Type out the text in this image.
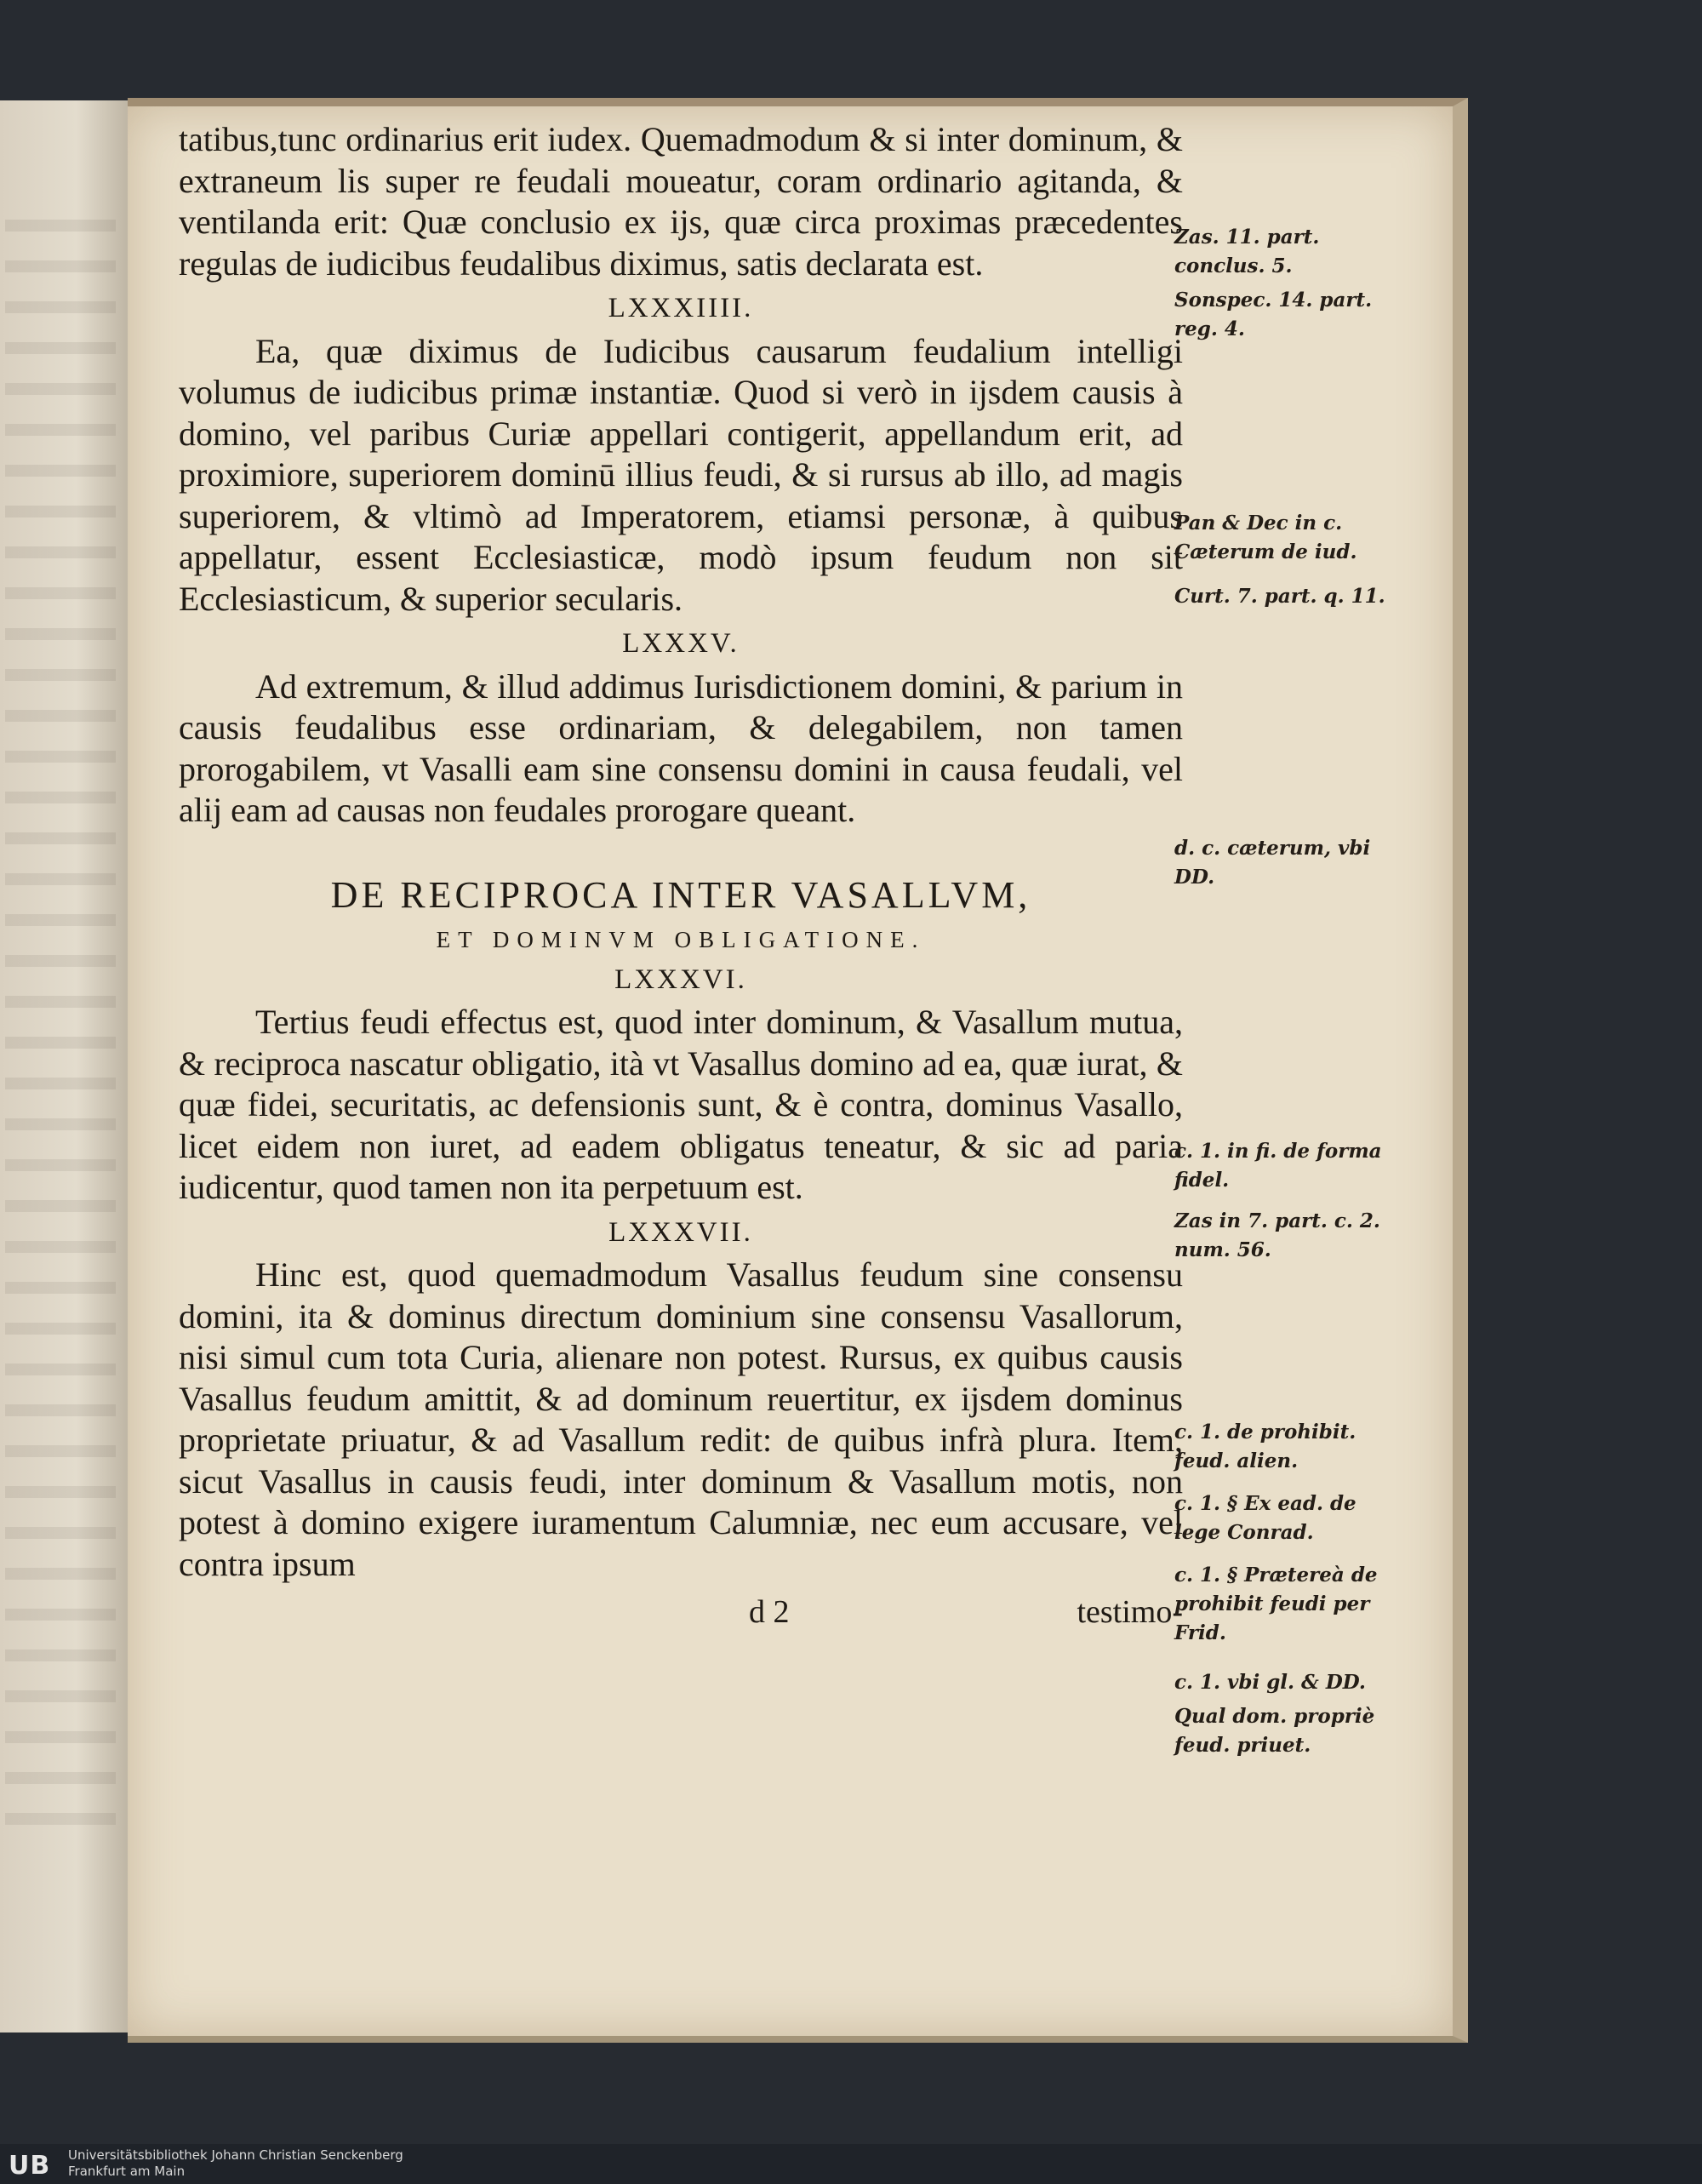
tatibus,tunc ordinarius erit iudex. Quemadmodum & si inter dominum, & extraneum lis super re feudali moueatur, coram ordinario agitanda, & ventilanda erit: Quæ conclusio ex ijs, quæ circa proximas præcedentes regulas de iudicibus feudalibus diximus, satis declarata est.

LXXXIIII.

Ea, quæ diximus de Iudicibus causarum feudalium intelligi volumus de iudicibus primæ instantiæ. Quod si verò in ijsdem causis à domino, vel paribus Curiæ appellari contigerit, appellandum erit, ad proximiore, superiorem dominū illius feudi, & si rursus ab illo, ad magis superiorem, & vltimò ad Imperatorem, etiamsi personæ, à quibus appellatur, essent Ecclesiasticæ, modò ipsum feudum non sit Ecclesiasticum, & superior secularis.

LXXXV.

Ad extremum, & illud addimus Iurisdictionem domini, & parium in causis feudalibus esse ordinariam, & delegabilem, non tamen prorogabilem, vt Vasalli eam sine consensu domini in causa feudali, vel alij eam ad causas non feudales prorogare queant.

DE RECIPROCA INTER VASALLVM,
ET DOMINVM OBLIGATIONE.
LXXXVI.

Tertius feudi effectus est, quod inter dominum, & Vasallum mutua, & reciproca nascatur obligatio, ità vt Vasallus domino ad ea, quæ iurat, & quæ fidei, securitatis, ac defensionis sunt, & è contra, dominus Vasallo, licet eidem non iuret, ad eadem obligatus teneatur, & sic ad paria iudicentur, quod tamen non ita perpetuum est.

LXXXVII.

Hinc est, quod quemadmodum Vasallus feudum sine consensu domini, ita & dominus directum dominium sine consensu Vasallorum, nisi simul cum tota Curia, alienare non potest. Rursus, ex quibus causis Vasallus feudum amittit, & ad dominum reuertitur, ex ijsdem dominus proprietate priuatur, & ad Vasallum redit: de quibus infrà plura. Item, sicut Vasallus in causis feudi, inter dominum & Vasallum motis, non potest à domino exigere iuramentum Calumniæ, nec eum accusare, vel contra ipsum

d 2	testimo-
Zas. 11. part. conclus. 5.
Sonspec. 14. part. reg. 4.
Pan & Dec in c. Cæterum de iud.
Curt. 7. part. q. 11.
d. c. cæterum, vbi DD.
c. 1. in fi. de forma fidel.
Zas in 7. part. c. 2. num. 56.
c. 1. de prohibit. feud. alien.
c. 1. § Ex ead. de lege Conrad.
c. 1. § Prætereà de prohibit feudi per Frid.
c. 1. vbi gl. & DD.
Qual dom. propriè feud. priuet.
UB Universitätsbibliothek Johann Christian Senckenberg
Frankfurt am Main
